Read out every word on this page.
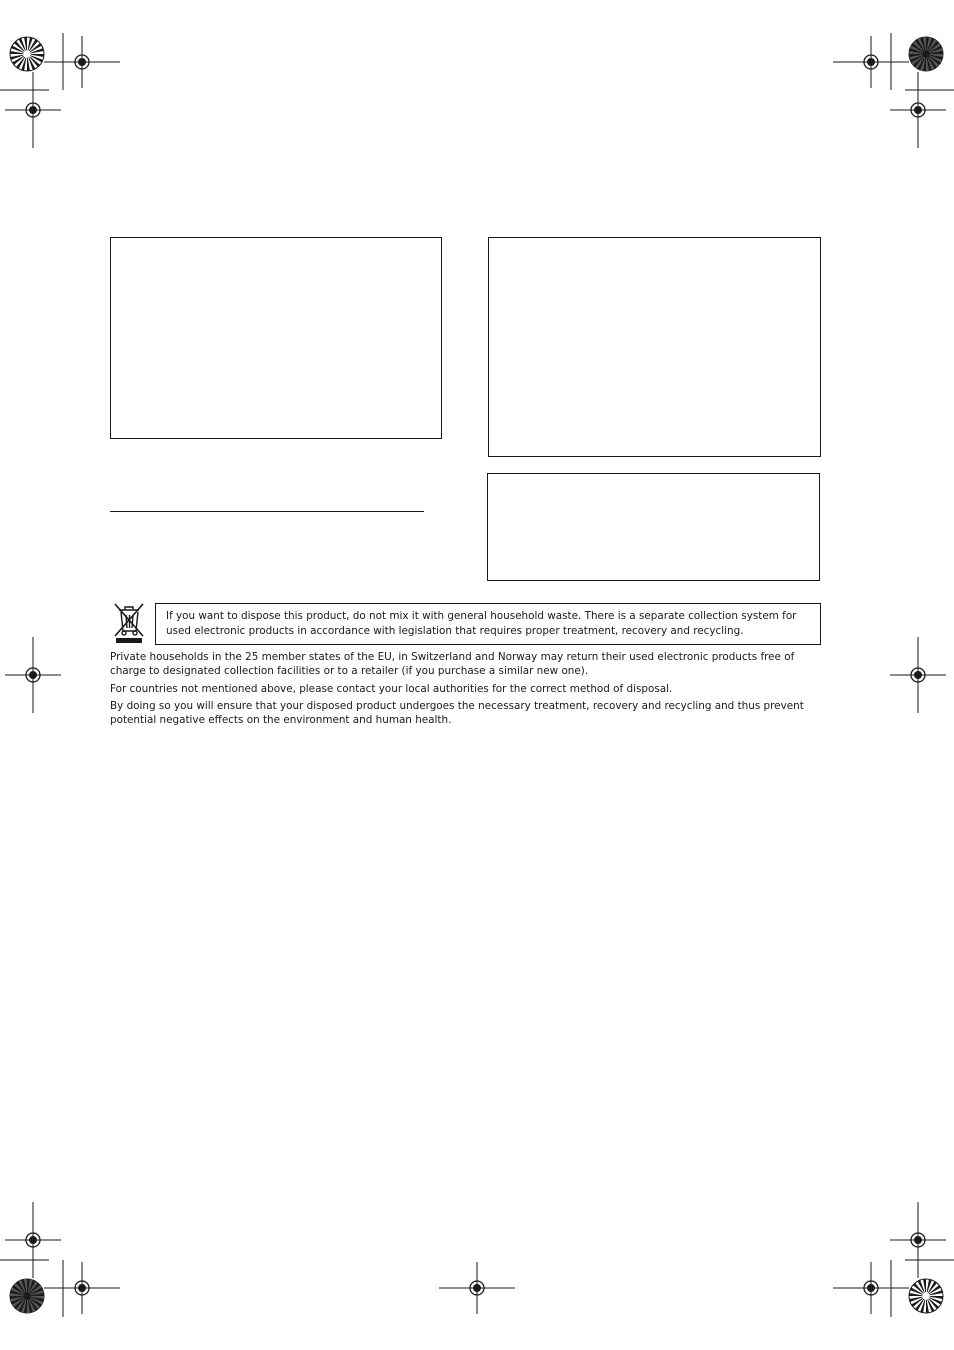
If you want to dispose this product, do not mix it with general household waste. There is a separate collection system for used electronic products in accordance with legislation that requires proper treatment, recovery and recycling.
Private households in the 25 member states of the EU, in Switzerland and Norway may return their used electronic products free of charge to designated collection facilities or to a retailer (if you purchase a similar new one).
For countries not mentioned above, please contact your local authorities for the correct method of disposal.
By doing so you will ensure that your disposed product undergoes the necessary treatment, recovery and recycling and thus prevent potential negative effects on the environment and human health.
